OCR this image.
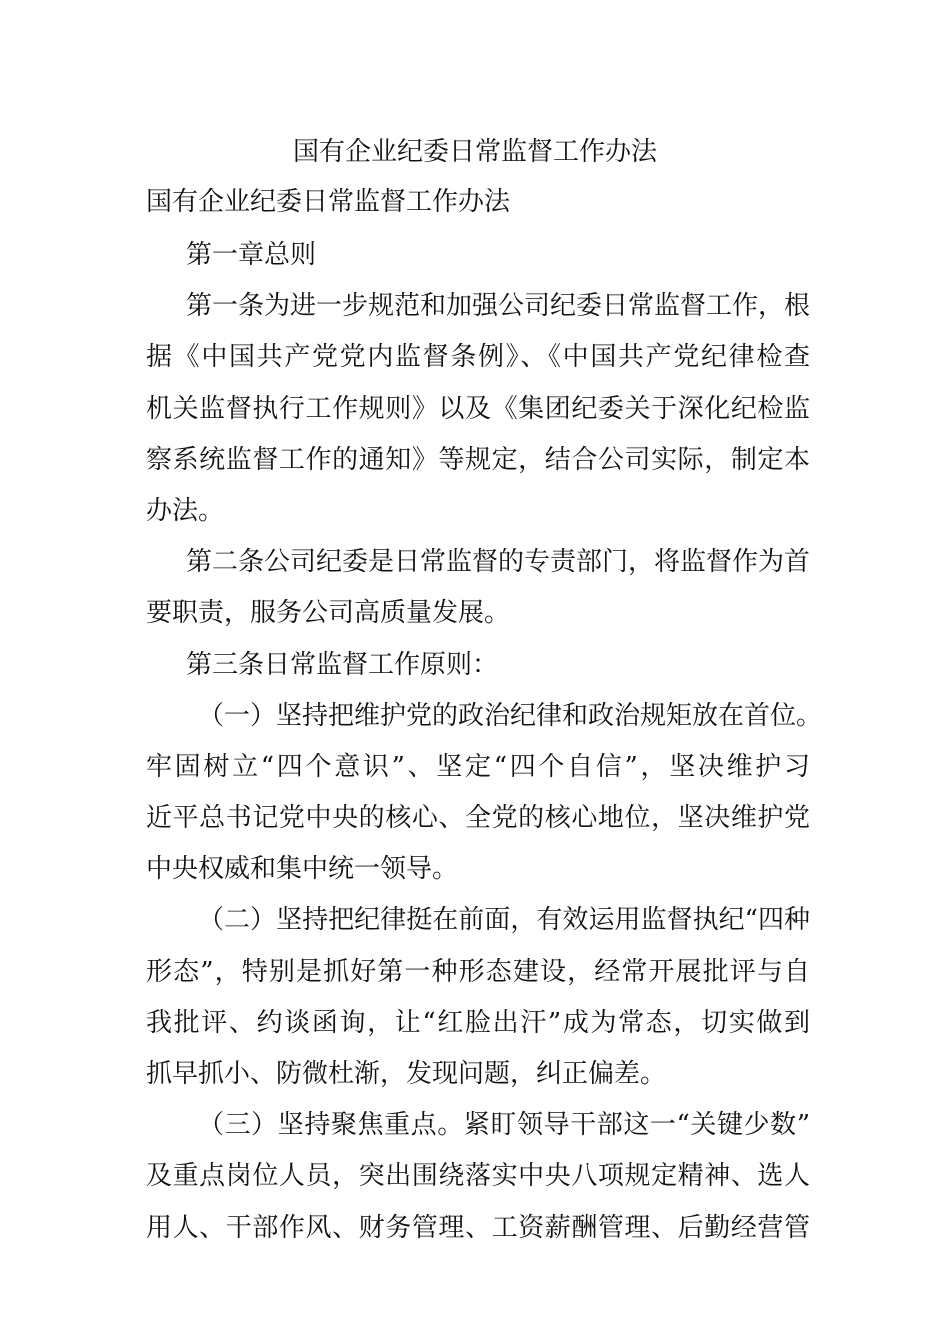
国有企业纪委日常监督工作办法
国有企业纪委日常监督工作办法
第一章总则
第一条为进一步规范和加强公司纪委日常监督工作，根
据《中国共产党党内监督条例》、《中国共产党纪律检查
机关监督执行工作规则》以及《集团纪委关于深化纪检监
察系统监督工作的通知》等规定，结合公司实际，制定本
办法。
第二条公司纪委是日常监督的专责部门，将监督作为首
要职责，服务公司高质量发展。
第三条日常监督工作原则：
（一）坚持把维护党的政治纪律和政治规矩放在首位。
牢固树立“四个意识”、坚定“四个自信”，坚决维护习
近平总书记党中央的核心、全党的核心地位，坚决维护党
中央权威和集中统一领导。
（二）坚持把纪律挺在前面，有效运用监督执纪“四种
形态”，特别是抓好第一种形态建设，经常开展批评与自
我批评、约谈函询，让“红脸出汗”成为常态，切实做到
抓早抓小、防微杜渐，发现问题，纠正偏差。
（三）坚持聚焦重点。紧盯领导干部这一“关键少数”
及重点岗位人员，突出围绕落实中央八项规定精神、选人
用人、干部作风、财务管理、工资薪酬管理、后勤经营管
